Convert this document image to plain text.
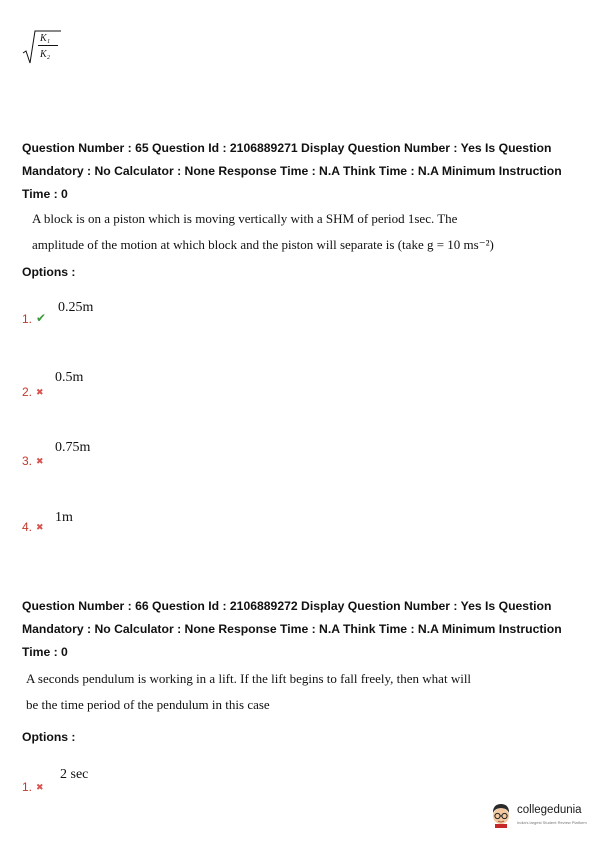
K₁
K₂
Question Number : 65 Question Id : 2106889271 Display Question Number : Yes Is Question
Mandatory : No Calculator : None Response Time : N.A Think Time : N.A Minimum Instruction
Time : 0
A block is on a piston which is moving vertically with a SHM of period 1sec. The
amplitude of the motion at which block and the piston will separate is (take g = 10 ms⁻²)
Options :
1. ✔
0.25m
2. ✖
0.5m
3. ✖
0.75m
4. ✖
1m
Question Number : 66 Question Id : 2106889272 Display Question Number : Yes Is Question
Mandatory : No Calculator : None Response Time : N.A Think Time : N.A Minimum Instruction
Time : 0
A seconds pendulum is working in a lift. If the lift begins to fall freely, then what will
be the time period of the pendulum in this case
Options :
1. ✖
2 sec
collegedunia
India's largest Student Review Platform
